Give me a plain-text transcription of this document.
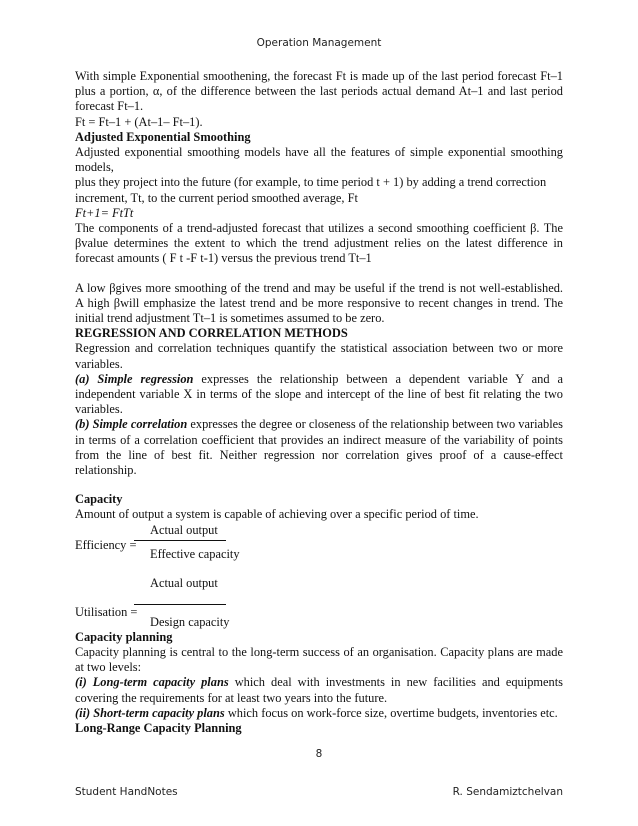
Operation Management

With simple Exponential smoothening, the forecast Ft is made up of the last period forecast Ft–1 plus a portion, α, of the difference between the last periods actual demand At–1 and last period forecast Ft–1.

Ft = Ft–1 + (At–1– Ft–1).

Adjusted Exponential Smoothing

Adjusted exponential smoothing models have all the features of simple exponential smoothing models,

plus they project into the future (for example, to time period t + 1) by adding a trend correction

increment, Tt, to the current period smoothed average, Ft

Ft+1= FtTt

The components of a trend-adjusted forecast that utilizes a second smoothing coefficient β. The βvalue determines the extent to which the trend adjustment relies on the latest difference in forecast amounts ( F t -F t-1) versus the previous trend Tt–1

A low βgives more smoothing of the trend and may be useful if the trend is not well-established. A high βwill emphasize the latest trend and be more responsive to recent changes in trend. The initial trend adjustment Tt–1 is sometimes assumed to be zero.

REGRESSION AND CORRELATION METHODS

Regression and correlation techniques quantify the statistical association between two or more variables.

(a) Simple regression expresses the relationship between a dependent variable Y and a independent variable X in terms of the slope and intercept of the line of best fit relating the two variables.

(b) Simple correlation expresses the degree or closeness of the relationship between two variables in terms of a correlation coefficient that provides an indirect measure of the variability of points from the line of best fit. Neither regression nor correlation gives proof of a cause-effect relationship.

Capacity

Amount of output a system is capable of achieving over a specific period of time.

Actual output
Efficiency =
Effective capacity
Actual output
Utilisation =
Design capacity

Capacity planning

Capacity planning is central to the long-term success of an organisation. Capacity plans are made at two levels:

(i) Long-term capacity plans which deal with investments in new facilities and equipments covering the requirements for at least two years into the future.

(ii) Short-term capacity plans which focus on work-force size, overtime budgets, inventories etc.

Long-Range Capacity Planning

8
Student HandNotes	R. Sendamiztchelvan
